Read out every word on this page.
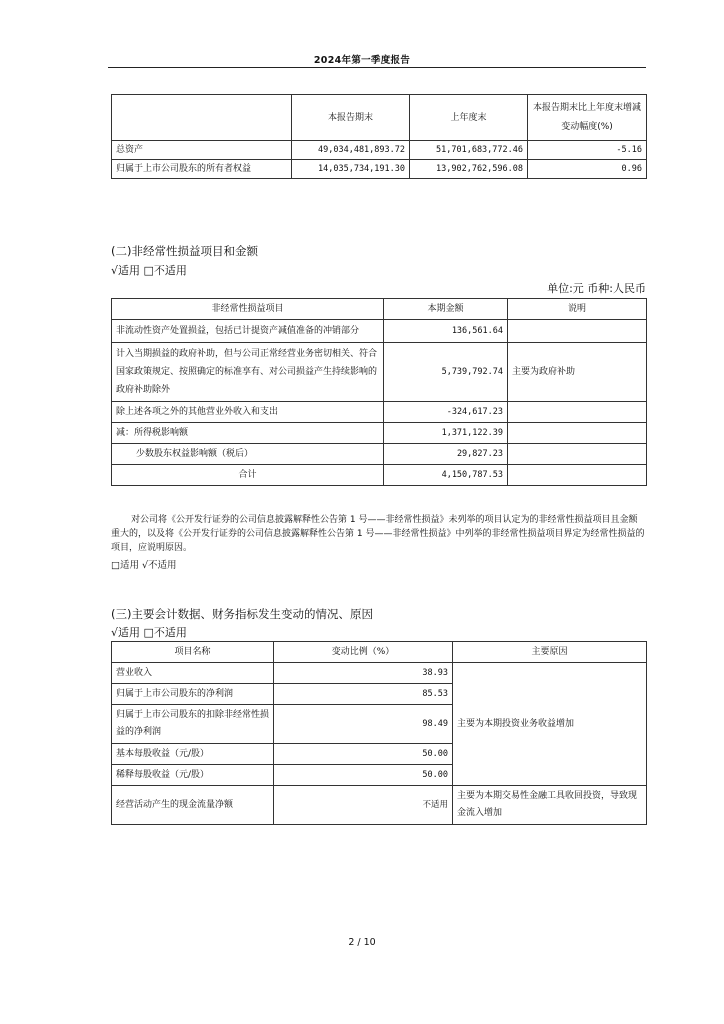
2024年第一季度报告
	本报告期末	上年度末	本报告期末比上年度末增减变动幅度(%)
总资产	49,034,481,893.72	51,701,683,772.46	-5.16
归属于上市公司股东的所有者权益	14,035,734,191.30	13,902,762,596.08	0.96
(二)非经常性损益项目和金额
√适用 □不适用
单位:元 币种:人民币
非经常性损益项目	本期金额	说明
非流动性资产处置损益，包括已计提资产减值准备的冲销部分	136,561.64	
计入当期损益的政府补助，但与公司正常经营业务密切相关、符合国家政策规定、按照确定的标准享有、对公司损益产生持续影响的政府补助除外	5,739,792.74	主要为政府补助
除上述各项之外的其他营业外收入和支出	-324,617.23	
减：所得税影响额	1,371,122.39	
少数股东权益影响额（税后）	29,827.23	
合计	4,150,787.53	
对公司将《公开发行证券的公司信息披露解释性公告第 1 号——非经常性损益》未列举的项目认定为的非经常性损益项目且金额重大的，以及将《公开发行证券的公司信息披露解释性公告第 1 号——非经常性损益》中列举的非经常性损益项目界定为经常性损益的项目，应说明原因。
□适用 √不适用
(三)主要会计数据、财务指标发生变动的情况、原因
√适用 □不适用
项目名称	变动比例（%）	主要原因
营业收入	38.93	主要为本期投资业务收益增加
归属于上市公司股东的净利润	85.53	
归属于上市公司股东的扣除非经常性损益的净利润	98.49	
基本每股收益（元/股）	50.00	
稀释每股收益（元/股）	50.00	
经营活动产生的现金流量净额	不适用	主要为本期交易性金融工具收回投资，导致现金流入增加
2 / 10
